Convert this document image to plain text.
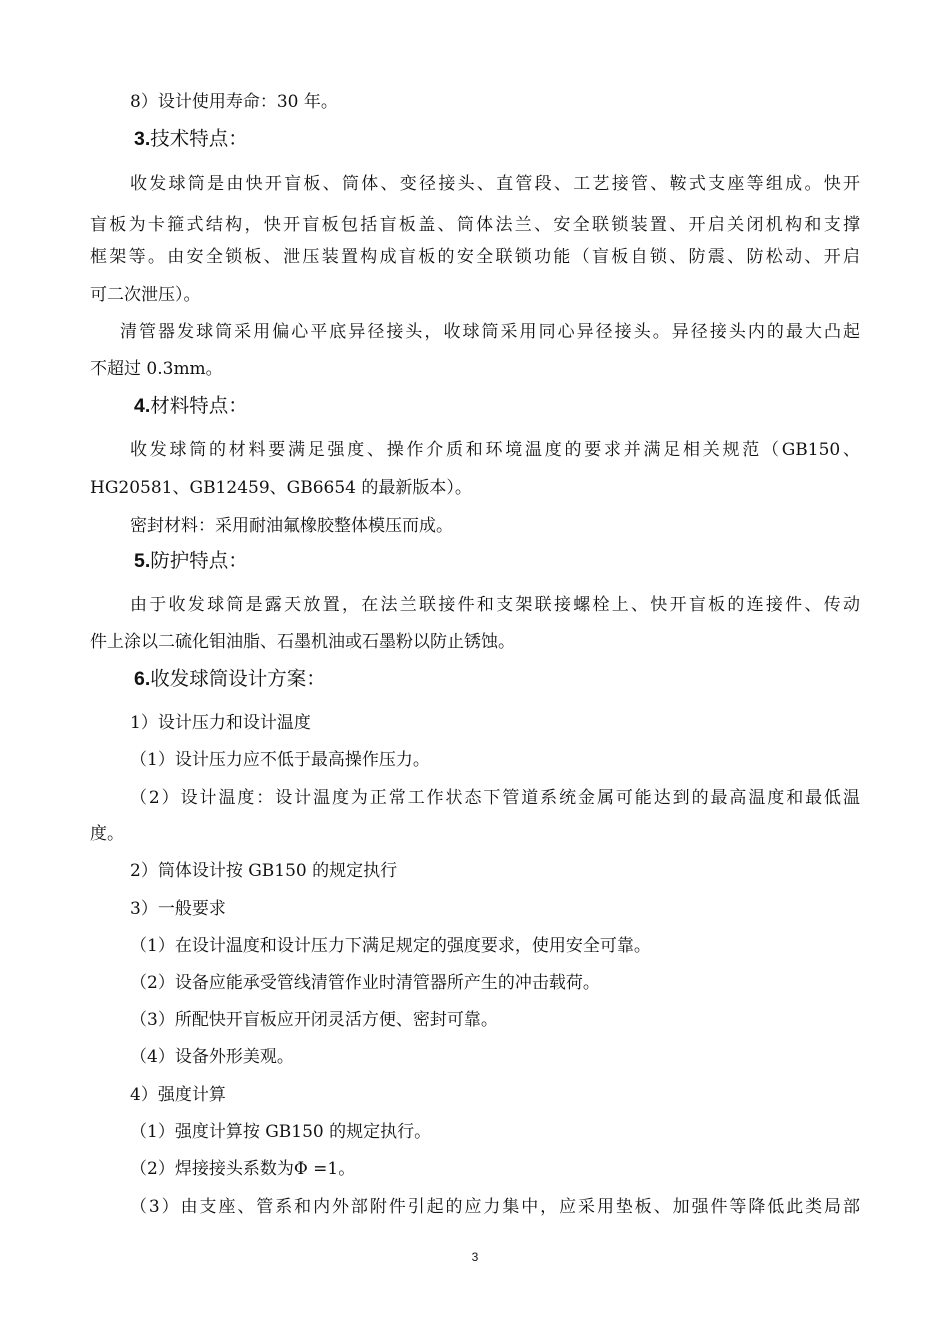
8）设计使用寿命：30 年。
3.技术特点：
收发球筒是由快开盲板、筒体、变径接头、直管段、工艺接管、鞍式支座等组成。快开
盲板为卡箍式结构，快开盲板包括盲板盖、筒体法兰、安全联锁装置、开启关闭机构和支撑
框架等。由安全锁板、泄压装置构成盲板的安全联锁功能（盲板自锁、防震、防松动、开启
可二次泄压）。
清管器发球筒采用偏心平底异径接头，收球筒采用同心异径接头。异径接头内的最大凸起
不超过 0.3mm。
4.材料特点：
收发球筒的材料要满足强度、操作介质和环境温度的要求并满足相关规范（GB150、
HG20581、GB12459、GB6654 的最新版本）。
密封材料：采用耐油氟橡胶整体模压而成。
5.防护特点：
由于收发球筒是露天放置，在法兰联接件和支架联接螺栓上、快开盲板的连接件、传动
件上涂以二硫化钼油脂、石墨机油或石墨粉以防止锈蚀。
6.收发球筒设计方案：
1）设计压力和设计温度
（1）设计压力应不低于最高操作压力。
（2）设计温度：设计温度为正常工作状态下管道系统金属可能达到的最高温度和最低温
度。
2）筒体设计按 GB150 的规定执行
3）一般要求
（1）在设计温度和设计压力下满足规定的强度要求，使用安全可靠。
（2）设备应能承受管线清管作业时清管器所产生的冲击载荷。
（3）所配快开盲板应开闭灵活方便、密封可靠。
（4）设备外形美观。
4）强度计算
（1）强度计算按 GB150 的规定执行。
（2）焊接接头系数为Φ =1。
（3）由支座、管系和内外部附件引起的应力集中，应采用垫板、加强件等降低此类局部
3
